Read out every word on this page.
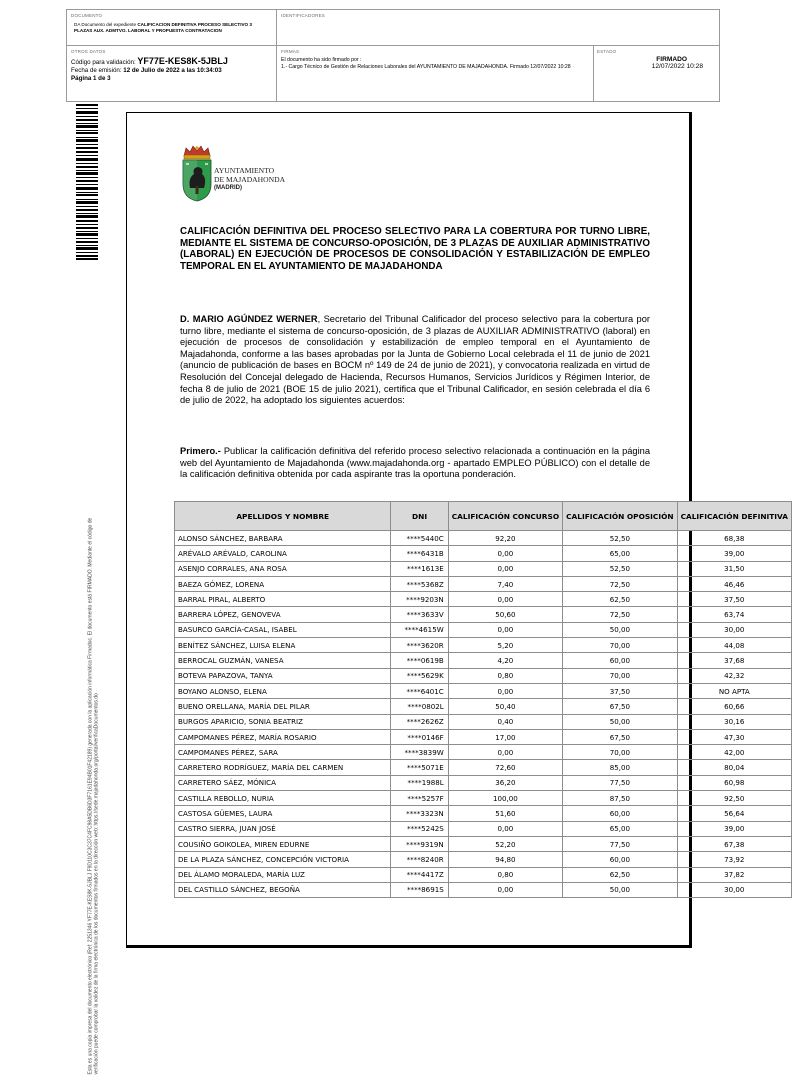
DOCUMENTO
DA Documento del expediente CALIFICACION DEFINITIVA PROCESO SELECTIVO 3 PLAZAS AUX. ADMTVO. LABORAL Y PROPUESTA CONTRATACION
IDENTIFICADORES
OTROS DATOS
Código para validación: YF77E-KES8K-5JBLJ
Fecha de emisión: 12 de Julio de 2022 a las 10:34:03
Página 1 de 3
FIRMAS
El documento ha sido firmado por :
1.- Cargo Técnico de Gestión de Relaciones Laborales del AYUNTAMIENTO DE MAJADAHONDA. Firmado 12/07/2022 10:28
ESTADO
FIRMADO
12/07/2022 10:28
Esta es una copia impresa del documento electrónico (Ref: 2251346 YF77E-KES8K-5JBLJ F9D110C3C37C4FC98A5DB6D3F7161E94B01F42189) generada con la aplicación informática Firmadoc. El documento está FIRMADO. Mediante el código de verificación puede comprobar la validez de la firma electrónica de los documentos firmados en la dirección web: https://sede.majadahonda.org/portal/verificaDocumentos.do
AYUNTAMIENTO
DE MAJADAHONDA
(MADRID)
CALIFICACIÓN DEFINITIVA DEL PROCESO SELECTIVO PARA LA COBERTURA POR TURNO LIBRE, MEDIANTE EL SISTEMA DE CONCURSO-OPOSICIÓN, DE 3 PLAZAS DE AUXILIAR ADMINISTRATIVO (LABORAL) EN EJECUCIÓN DE PROCESOS DE CONSOLIDACIÓN Y ESTABILIZACIÓN DE EMPLEO TEMPORAL EN EL AYUNTAMIENTO DE MAJADAHONDA
D. MARIO AGÚNDEZ WERNER, Secretario del Tribunal Calificador del proceso selectivo para la cobertura por turno libre, mediante el sistema de concurso-oposición, de 3 plazas de AUXILIAR ADMINISTRATIVO (laboral) en ejecución de procesos de consolidación y estabilización de empleo temporal en el Ayuntamiento de Majadahonda, conforme a las bases aprobadas por la Junta de Gobierno Local celebrada el 11 de junio de 2021 (anuncio de publicación de bases en BOCM nº 149 de 24 de junio de 2021), y convocatoria realizada en virtud de Resolución del Concejal delegado de Hacienda, Recursos Humanos, Servicios Jurídicos y Régimen Interior, de fecha 8 de julio de 2021 (BOE 15 de julio 2021), certifica que el Tribunal Calificador, en sesión celebrada el día 6 de julio de 2022, ha adoptado los siguientes acuerdos:
Primero.- Publicar la calificación definitiva del referido proceso selectivo relacionada a continuación en la página web del Ayuntamiento de Majadahonda (www.majadahonda.org - apartado EMPLEO PÚBLICO) con el detalle de la calificación definitiva obtenida por cada aspirante tras la oportuna ponderación.
APELLIDOS Y NOMBRE	DNI	CALIFICACIÓN CONCURSO	CALIFICACIÓN OPOSICIÓN	CALIFICACIÓN DEFINITIVA
ALONSO SÁNCHEZ, BARBARA	****5440C	92,20	52,50	68,38
ARÉVALO ARÉVALO, CAROLINA	****6431B	0,00	65,00	39,00
ASENJO CORRALES, ANA ROSA	****1613E	0,00	52,50	31,50
BAEZA GÓMEZ, LORENA	****5368Z	7,40	72,50	46,46
BARRAL PIRAL, ALBERTO	****9203N	0,00	62,50	37,50
BARRERA LÓPEZ, GENOVEVA	****3633V	50,60	72,50	63,74
BASURCO GARCÍA-CASAL, ISABEL	****4615W	0,00	50,00	30,00
BENÍTEZ SÁNCHEZ, LUISA ELENA	****3620R	5,20	70,00	44,08
BERROCAL GUZMÁN, VANESA	****0619B	4,20	60,00	37,68
BOTEVA PAPAZOVA, TANYA	****5629K	0,80	70,00	42,32
BOYANO ALONSO, ELENA	****6401C	0,00	37,50	NO APTA
BUENO ORELLANA, MARÍA DEL PILAR	****0802L	50,40	67,50	60,66
BURGOS APARICIO, SONIA BEATRIZ	****2626Z	0,40	50,00	30,16
CAMPOMANES PÉREZ, MARÍA ROSARIO	****0146F	17,00	67,50	47,30
CAMPOMANES PÉREZ, SARA	****3839W	0,00	70,00	42,00
CARRETERO RODRÍGUEZ, MARÍA DEL CARMEN	****5071E	72,60	85,00	80,04
CARRETERO SÁEZ, MÓNICA	****1988L	36,20	77,50	60,98
CASTILLA REBOLLO, NURIA	****5257F	100,00	87,50	92,50
CASTOSA GÜEMES, LAURA	****3323N	51,60	60,00	56,64
CASTRO SIERRA, JUAN JOSÉ	****5242S	0,00	65,00	39,00
COUSIÑO GOIKOLEA, MIREN EDURNE	****9319N	52,20	77,50	67,38
DE LA PLAZA SÁNCHEZ, CONCEPCIÓN VICTORIA	****8240R	94,80	60,00	73,92
DEL ÁLAMO MORALEDA, MARÍA LUZ	****4417Z	0,80	62,50	37,82
DEL CASTILLO SÁNCHEZ, BEGOÑA	****8691S	0,00	50,00	30,00
